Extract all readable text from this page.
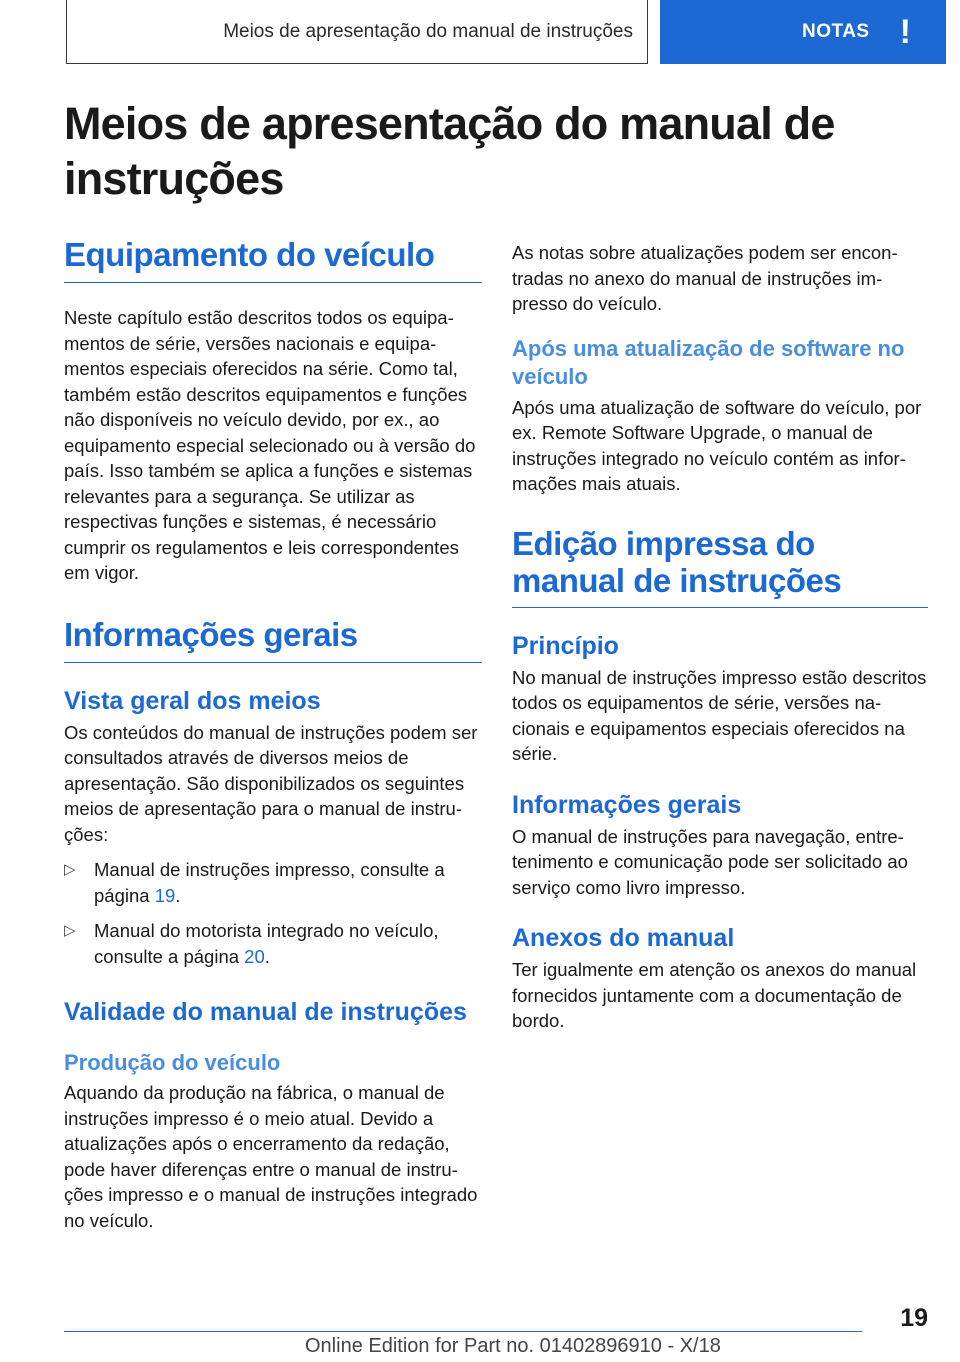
Meios de apresentação do manual de instruções	NOTAS !
Meios de apresentação do manual de instruções
Equipamento do veículo

Neste capítulo estão descritos todos os equipamentos de série, versões nacionais e equipamentos especiais oferecidos na série. Como tal, também estão descritos equipamentos e funções não disponíveis no veículo devido, por ex., ao equipamento especial selecionado ou à versão do país. Isso também se aplica a funções e sistemas relevantes para a segurança. Se utilizar as respectivas funções e sistemas, é necessário cumprir os regulamentos e leis correspondentes em vigor.

Informações gerais
Vista geral dos meios

Os conteúdos do manual de instruções podem ser consultados através de diversos meios de apresentação. São disponibilizados os seguintes meios de apresentação para o manual de instruções:

▷ Manual de instruções impresso, consulte a página 19.
▷ Manual do motorista integrado no veículo, consulte a página 20.
Validade do manual de instruções
Produção do veículo

Aquando da produção na fábrica, o manual de instruções impresso é o meio atual. Devido a atualizações após o encerramento da redação, pode haver diferenças entre o manual de instruções impresso e o manual de instruções integrado no veículo.

As notas sobre atualizações podem ser encontradas no anexo do manual de instruções impresso do veículo.

Após uma atualização de software no veículo

Após uma atualização de software do veículo, por ex. Remote Software Upgrade, o manual de instruções integrado no veículo contém as informações mais atuais.

Edição impressa do manual de instruções
Princípio

No manual de instruções impresso estão descritos todos os equipamentos de série, versões nacionais e equipamentos especiais oferecidos na série.

Informações gerais

O manual de instruções para navegação, entretenimento e comunicação pode ser solicitado ao serviço como livro impresso.

Anexos do manual

Ter igualmente em atenção os anexos do manual fornecidos juntamente com a documentação de bordo.

19
Online Edition for Part no. 01402896910 - X/18
